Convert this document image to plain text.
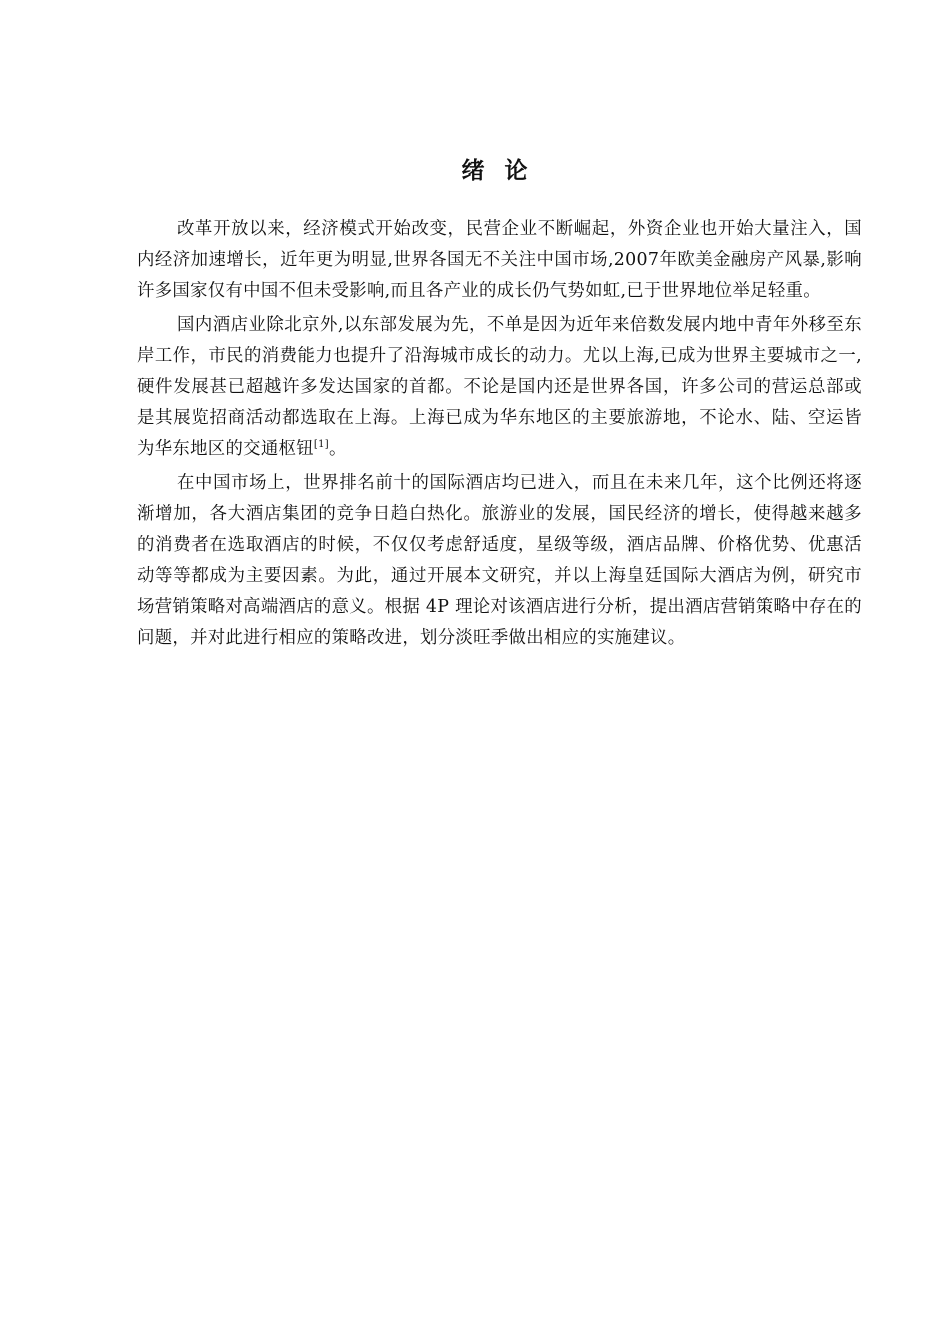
绪 论

改革开放以来，经济模式开始改变，民营企业不断崛起，外资企业也开始大量注入，国内经济加速增长，近年更为明显,世界各国无不关注中国市场,2007年欧美金融房产风暴,影响许多国家仅有中国不但未受影响,而且各产业的成长仍气势如虹,已于世界地位举足轻重。

国内酒店业除北京外,以东部发展为先，不单是因为近年来倍数发展内地中青年外移至东岸工作，市民的消费能力也提升了沿海城市成长的动力。尤以上海,已成为世界主要城市之一,硬件发展甚已超越许多发达国家的首都。不论是国内还是世界各国，许多公司的营运总部或是其展览招商活动都选取在上海。上海已成为华东地区的主要旅游地，不论水、陆、空运皆为华东地区的交通枢钮[1]。

在中国市场上，世界排名前十的国际酒店均已进入，而且在未来几年，这个比例还将逐渐增加，各大酒店集团的竞争日趋白热化。旅游业的发展，国民经济的增长，使得越来越多的消费者在选取酒店的时候，不仅仅考虑舒适度，星级等级，酒店品牌、价格优势、优惠活动等等都成为主要因素。为此，通过开展本文研究，并以上海皇廷国际大酒店为例，研究市场营销策略对高端酒店的意义。根据 4P 理论对该酒店进行分析，提出酒店营销策略中存在的问题，并对此进行相应的策略改进，划分淡旺季做出相应的实施建议。
